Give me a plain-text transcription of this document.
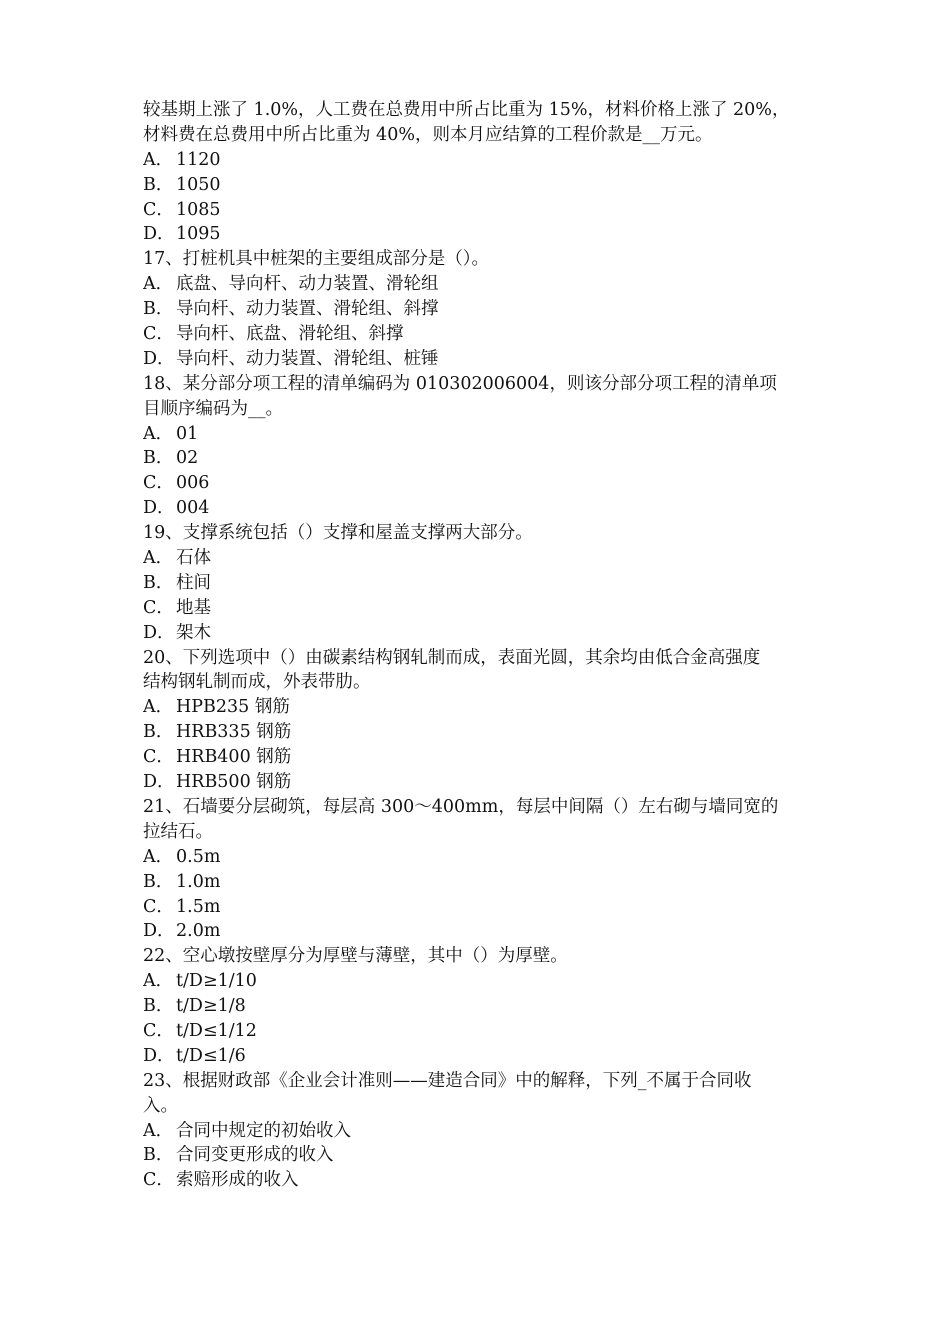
较基期上涨了 1.0%，人工费在总费用中所占比重为 15%，材料价格上涨了 20%，
材料费在总费用中所占比重为 40%，则本月应结算的工程价款是__万元。
A． 1120
B． 1050
C． 1085
D． 1095
17、打桩机具中桩架的主要组成部分是（）。
A． 底盘、导向杆、动力装置、滑轮组
B． 导向杆、动力装置、滑轮组、斜撑
C． 导向杆、底盘、滑轮组、斜撑
D． 导向杆、动力装置、滑轮组、桩锤
18、某分部分项工程的清单编码为 010302006004，则该分部分项工程的清单项
目顺序编码为__。
A． 01
B． 02
C． 006
D． 004
19、支撑系统包括（）支撑和屋盖支撑两大部分。
A． 石体
B． 柱间
C． 地基
D． 架木
20、下列选项中（）由碳素结构钢轧制而成，表面光圆，其余均由低合金高强度
结构钢轧制而成，外表带肋。
A． HPB235 钢筋
B． HRB335 钢筋
C． HRB400 钢筋
D． HRB500 钢筋
21、石墙要分层砌筑，每层高 300～400mm，每层中间隔（）左右砌与墙同宽的
拉结石。
A． 0.5m
B． 1.0m
C． 1.5m
D． 2.0m
22、空心墩按壁厚分为厚壁与薄壁，其中（）为厚壁。
A． t/D≥1/10
B． t/D≥1/8
C． t/D≤1/12
D． t/D≤1/6
23、根据财政部《企业会计准则——建造合同》中的解释，下列_不属于合同收
入。
A． 合同中规定的初始收入
B． 合同变更形成的收入
C． 索赔形成的收入
